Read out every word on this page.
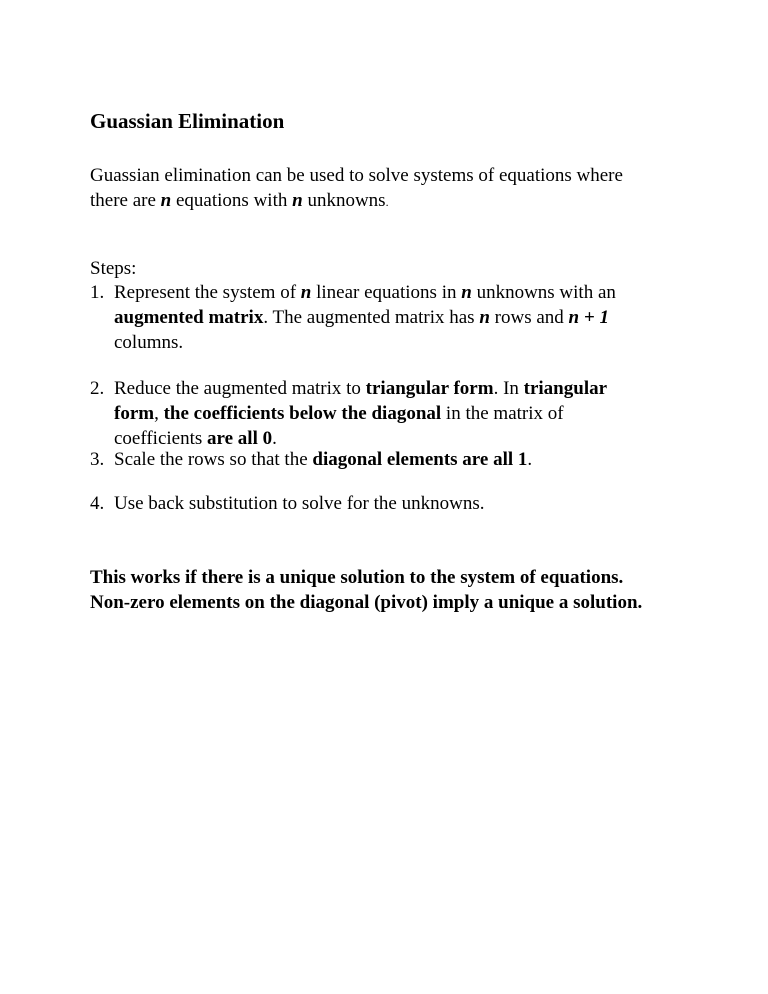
Guassian Elimination
Guassian elimination can be used to solve systems of equations where
there are n equations with n unknowns.
Steps:
1. Represent the system of n linear equations in n unknowns with an
augmented matrix. The augmented matrix has n rows and n + 1
columns.
2. Reduce the augmented matrix to triangular form. In triangular
form, the coefficients below the diagonal in the matrix of
coefficients are all 0.
3. Scale the rows so that the diagonal elements are all 1.
4. Use back substitution to solve for the unknowns.
This works if there is a unique solution to the system of equations.
Non-zero elements on the diagonal (pivot) imply a unique a solution.
